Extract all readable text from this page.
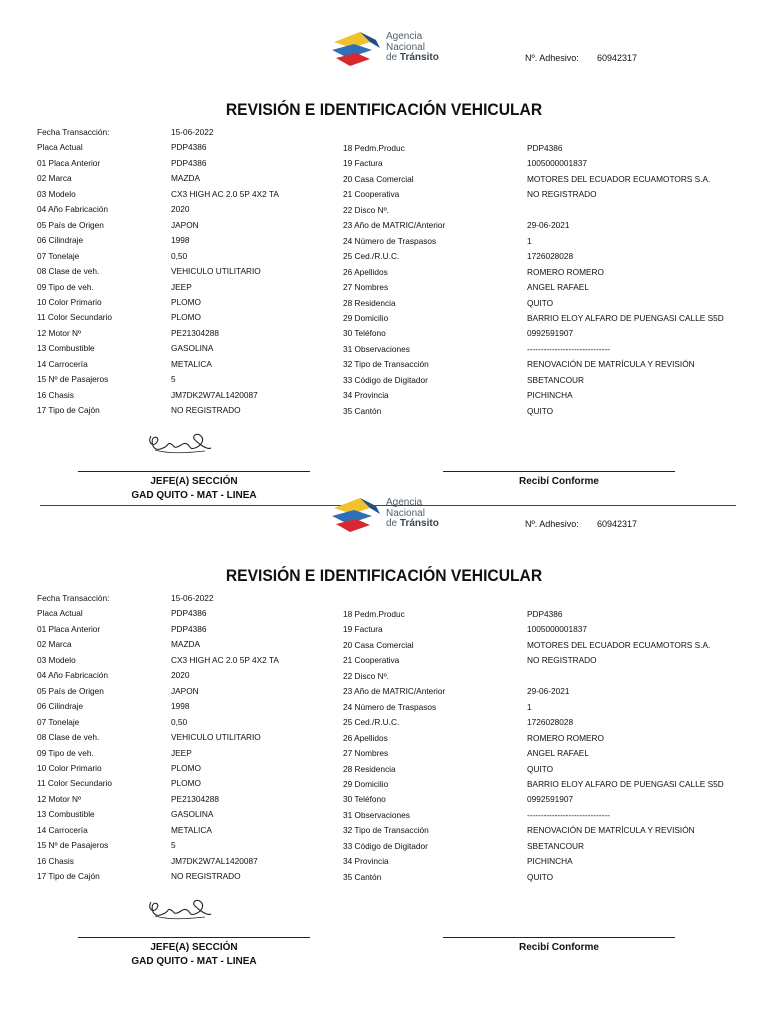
Agencia
Nacional
de Tránsito	Nº. Adhesivo: 60942317
REVISIÓN E IDENTIFICACIÓN VEHICULAR
Fecha Transacción:	15-06-2022
Placa Actual	PDP4386
01 Placa Anterior	PDP4386
02 Marca	MAZDA
03 Modelo	CX3 HIGH AC 2.0 5P 4X2 TA
04 Año Fabricación	2020
05 País de Origen	JAPON
06 Cilindraje	1998
07 Tonelaje	0,50
08 Clase de veh.	VEHICULO UTILITARIO
09 Tipo de veh.	JEEP
10 Color Primario	PLOMO
11 Color Secundario	PLOMO
12 Motor Nº	PE21304288
13 Combustible	GASOLINA
14 Carrocería	METALICA
15 Nº de Pasajeros	5
16 Chasis	JM7DK2W7AL1420087
17 Tipo de Cajón	NO REGISTRADO
18 Pedm.Produc	PDP4386
19 Factura	1005000001837
20 Casa Comercial	MOTORES DEL ECUADOR ECUAMOTORS S.A.
21 Cooperativa	NO REGISTRADO
22 Disco Nº.
23 Año de MATRIC/Anterior	29-06-2021
24 Número de Traspasos	1
25 Ced./R.U.C.	1726028028
26 Apellidos	ROMERO ROMERO
27 Nombres	ANGEL RAFAEL
28 Residencia	QUITO
29 Domicilio	BARRIO ELOY ALFARO DE PUENGASI CALLE S5D
30 Teléfono	0992591907
31 Observaciones	------------------------------
32 Tipo de Transacción	RENOVACIÓN DE MATRÍCULA Y REVISIÓN
33 Código de Digitador	SBETANCOUR
34 Provincia	PICHINCHA
35 Cantón	QUITO
JEFE(A) SECCIÓN
GAD QUITO - MAT - LINEA
Recibí Conforme
Agencia
Nacional
de Tránsito	Nº. Adhesivo: 60942317
REVISIÓN E IDENTIFICACIÓN VEHICULAR
Fecha Transacción:	15-06-2022
Placa Actual	PDP4386
01 Placa Anterior	PDP4386
02 Marca	MAZDA
03 Modelo	CX3 HIGH AC 2.0 5P 4X2 TA
04 Año Fabricación	2020
05 País de Origen	JAPON
06 Cilindraje	1998
07 Tonelaje	0,50
08 Clase de veh.	VEHICULO UTILITARIO
09 Tipo de veh.	JEEP
10 Color Primario	PLOMO
11 Color Secundario	PLOMO
12 Motor Nº	PE21304288
13 Combustible	GASOLINA
14 Carrocería	METALICA
15 Nº de Pasajeros	5
16 Chasis	JM7DK2W7AL1420087
17 Tipo de Cajón	NO REGISTRADO
18 Pedm.Produc	PDP4386
19 Factura	1005000001837
20 Casa Comercial	MOTORES DEL ECUADOR ECUAMOTORS S.A.
21 Cooperativa	NO REGISTRADO
22 Disco Nº.
23 Año de MATRIC/Anterior	29-06-2021
24 Número de Traspasos	1
25 Ced./R.U.C.	1726028028
26 Apellidos	ROMERO ROMERO
27 Nombres	ANGEL RAFAEL
28 Residencia	QUITO
29 Domicilio	BARRIO ELOY ALFARO DE PUENGASI CALLE S5D
30 Teléfono	0992591907
31 Observaciones	------------------------------
32 Tipo de Transacción	RENOVACIÓN DE MATRÍCULA Y REVISIÓN
33 Código de Digitador	SBETANCOUR
34 Provincia	PICHINCHA
35 Cantón	QUITO
JEFE(A) SECCIÓN
GAD QUITO - MAT - LINEA
Recibí Conforme
